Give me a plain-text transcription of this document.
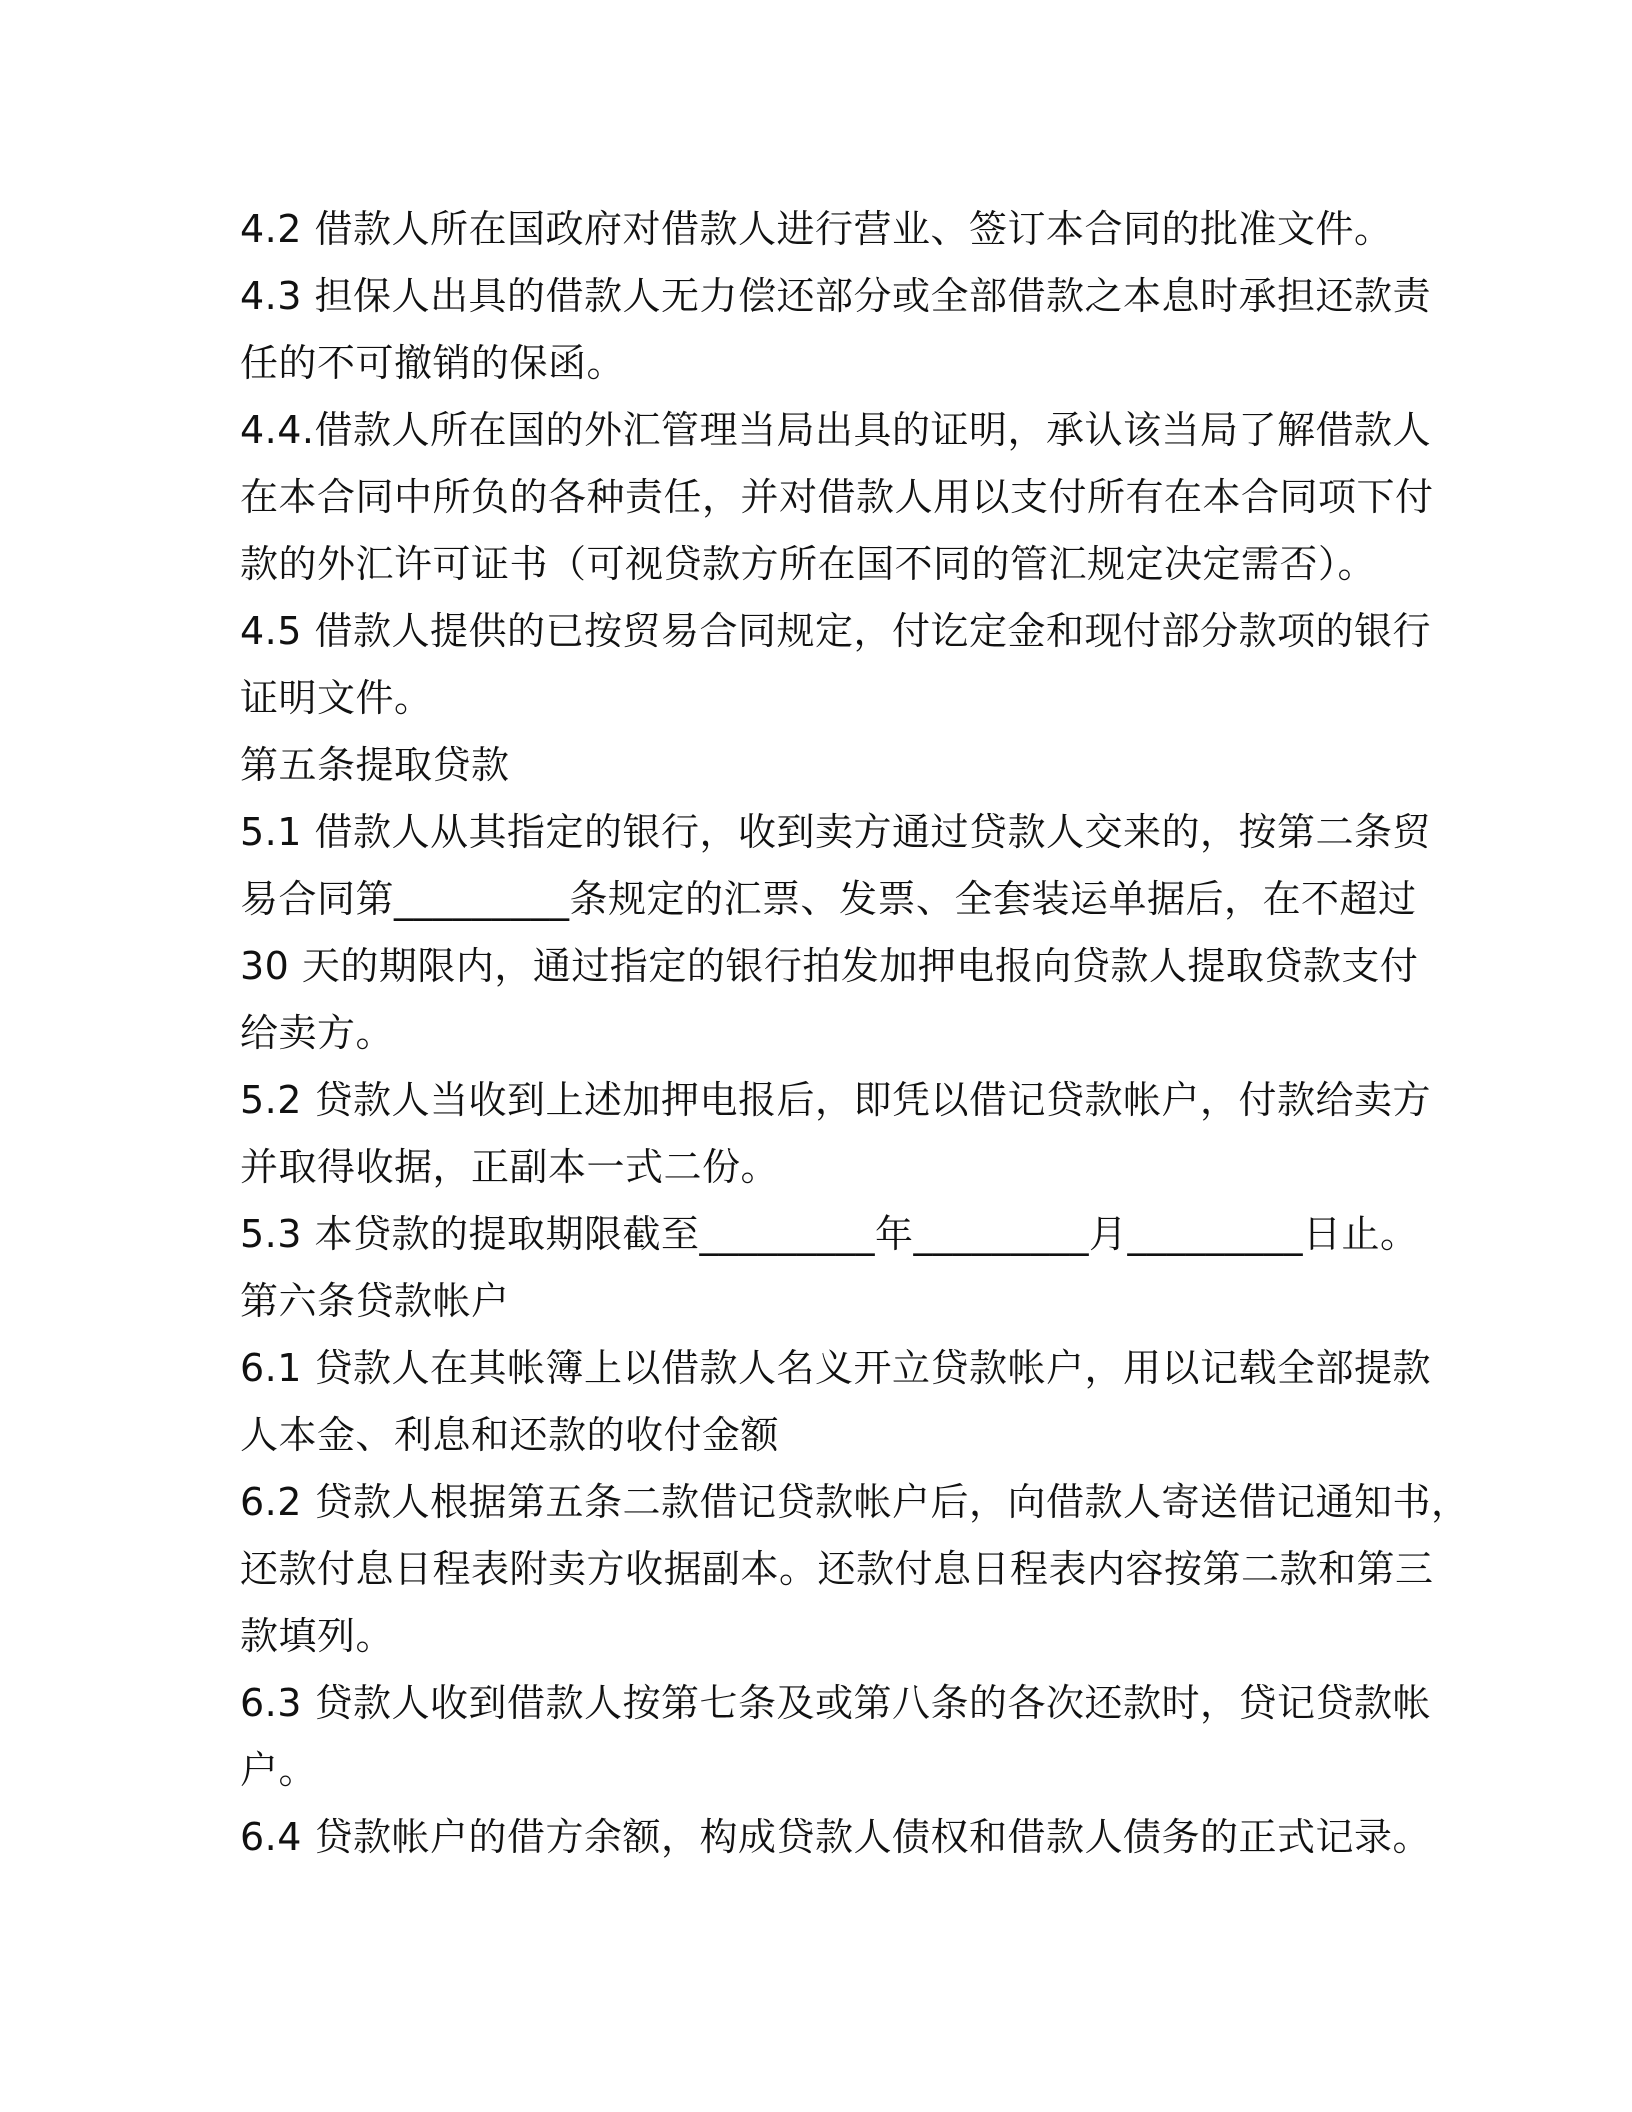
4.2 借款人所在国政府对借款人进行营业、签订本合同的批准文件。
4.3 担保人出具的借款人无力偿还部分或全部借款之本息时承担还款责
任的不可撤销的保函。
4.4.借款人所在国的外汇管理当局出具的证明，承认该当局了解借款人
在本合同中所负的各种责任，并对借款人用以支付所有在本合同项下付
款的外汇许可证书（可视贷款方所在国不同的管汇规定决定需否）。
4.5 借款人提供的已按贸易合同规定，付讫定金和现付部分款项的银行
证明文件。
第五条提取贷款
5.1 借款人从其指定的银行，收到卖方通过贷款人交来的，按第二条贸
易合同第_________条规定的汇票、发票、全套装运单据后，在不超过
30 天的期限内，通过指定的银行拍发加押电报向贷款人提取贷款支付
给卖方。
5.2 贷款人当收到上述加押电报后，即凭以借记贷款帐户，付款给卖方
并取得收据，正副本一式二份。
5.3 本贷款的提取期限截至_________年_________月_________日止。
第六条贷款帐户
6.1 贷款人在其帐簿上以借款人名义开立贷款帐户，用以记载全部提款
人本金、利息和还款的收付金额
6.2 贷款人根据第五条二款借记贷款帐户后，向借款人寄送借记通知书，
还款付息日程表附卖方收据副本。还款付息日程表内容按第二款和第三
款填列。
6.3 贷款人收到借款人按第七条及或第八条的各次还款时，贷记贷款帐
户。
6.4 贷款帐户的借方余额，构成贷款人债权和借款人债务的正式记录。
